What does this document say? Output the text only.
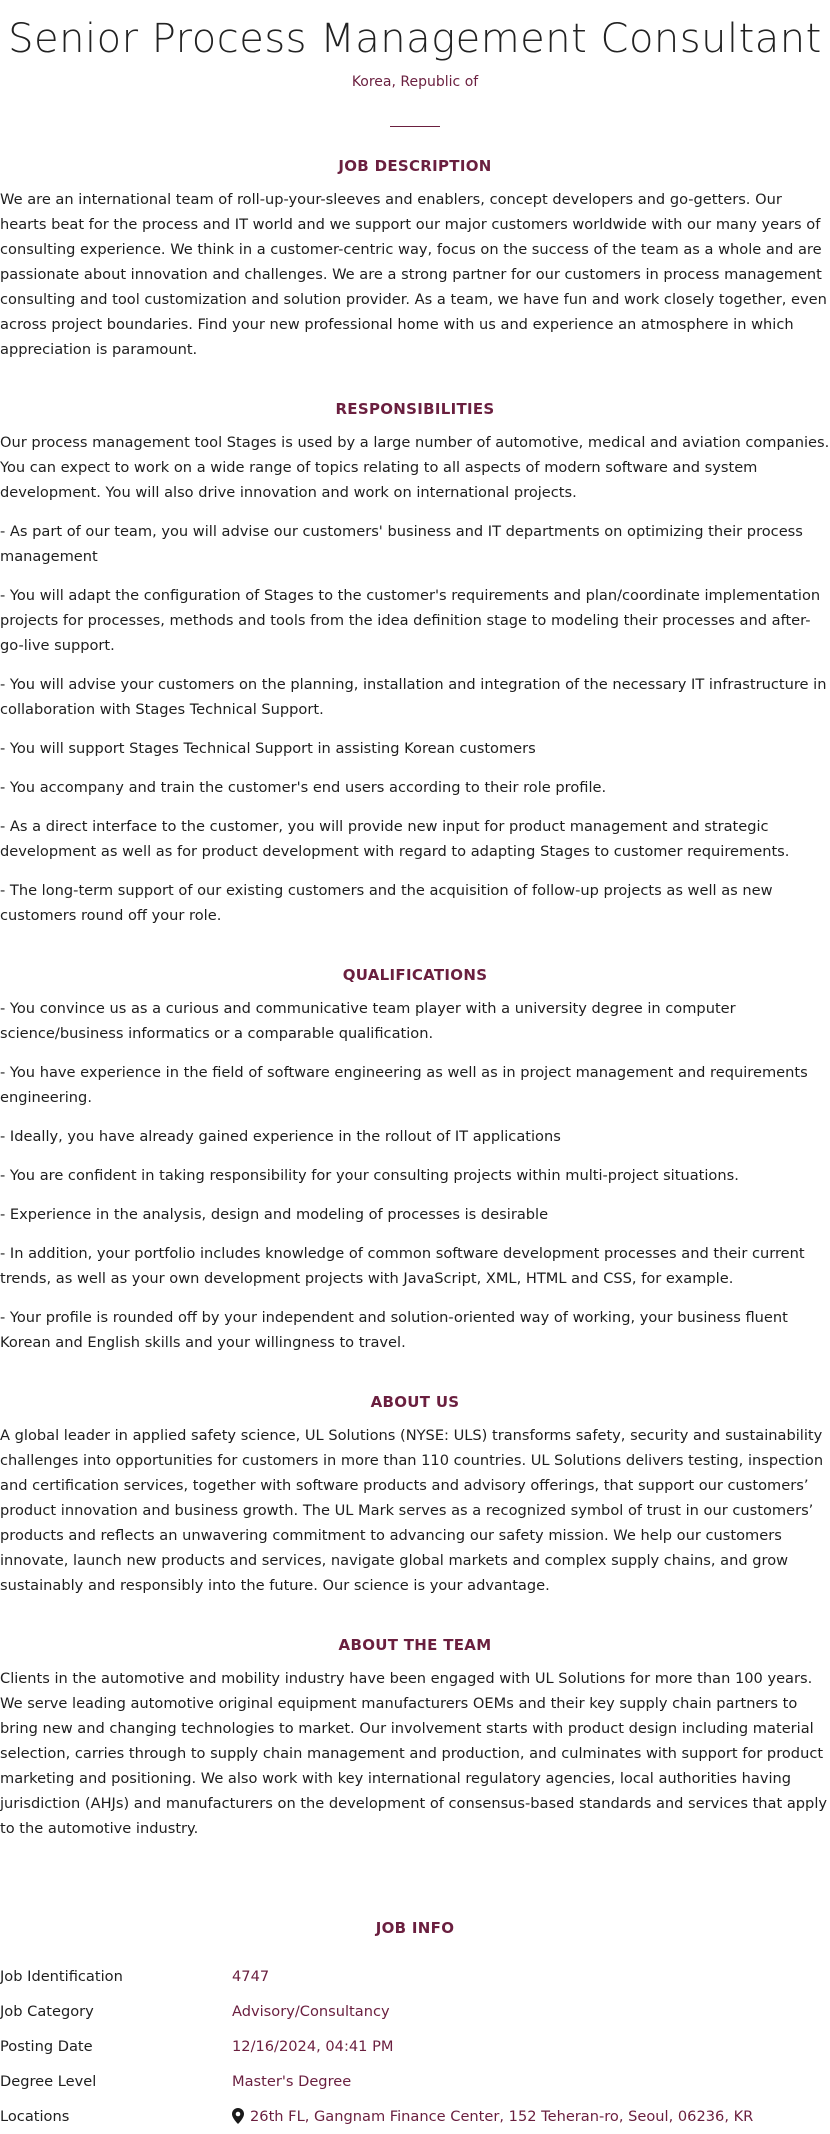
Senior Process Management Consultant
Korea, Republic of
JOB DESCRIPTION

We are an international team of roll-up-your-sleeves and enablers, concept developers and go-getters. Our hearts beat for the process and IT world and we support our major customers worldwide with our many years of consulting experience. We think in a customer-centric way, focus on the success of the team as a whole and are passionate about innovation and challenges. We are a strong partner for our customers in process management consulting and tool customization and solution provider. As a team, we have fun and work closely together, even across project boundaries. Find your new professional home with us and experience an atmosphere in which appreciation is paramount.

RESPONSIBILITIES

Our process management tool Stages is used by a large number of automotive, medical and aviation companies. You can expect to work on a wide range of topics relating to all aspects of modern software and system development. You will also drive innovation and work on international projects.

- As part of our team, you will advise our customers' business and IT departments on optimizing their process management

- You will adapt the configuration of Stages to the customer's requirements and plan/coordinate implementation projects for processes, methods and tools from the idea definition stage to modeling their processes and after-go-live support.

- You will advise your customers on the planning, installation and integration of the necessary IT infrastructure in collaboration with Stages Technical Support.

- You will support Stages Technical Support in assisting Korean customers

- You accompany and train the customer's end users according to their role profile.

- As a direct interface to the customer, you will provide new input for product management and strategic development as well as for product development with regard to adapting Stages to customer requirements.

- The long-term support of our existing customers and the acquisition of follow-up projects as well as new customers round off your role.

QUALIFICATIONS

- You convince us as a curious and communicative team player with a university degree in computer science/business informatics or a comparable qualification.

- You have experience in the field of software engineering as well as in project management and requirements engineering.

- Ideally, you have already gained experience in the rollout of IT applications

- You are confident in taking responsibility for your consulting projects within multi-project situations.

- Experience in the analysis, design and modeling of processes is desirable

- In addition, your portfolio includes knowledge of common software development processes and their current trends, as well as your own development projects with JavaScript, XML, HTML and CSS, for example.

- Your profile is rounded off by your independent and solution-oriented way of working, your business fluent Korean and English skills and your willingness to travel.

ABOUT US

A global leader in applied safety science, UL Solutions (NYSE: ULS) transforms safety, security and sustainability challenges into opportunities for customers in more than 110 countries. UL Solutions delivers testing, inspection and certification services, together with software products and advisory offerings, that support our customers’ product innovation and business growth. The UL Mark serves as a recognized symbol of trust in our customers’ products and reflects an unwavering commitment to advancing our safety mission. We help our customers innovate, launch new products and services, navigate global markets and complex supply chains, and grow sustainably and responsibly into the future. Our science is your advantage.

ABOUT THE TEAM

Clients in the automotive and mobility industry have been engaged with UL Solutions for more than 100 years. We serve leading automotive original equipment manufacturers OEMs and their key supply chain partners to bring new and changing technologies to market. Our involvement starts with product design including material selection, carries through to supply chain management and production, and culminates with support for product marketing and positioning. We also work with key international regulatory agencies, local authorities having jurisdiction (AHJs) and manufacturers on the development of consensus-based standards and services that apply to the automotive industry.

JOB INFO
Job Identification	4747
Job Category	Advisory/Consultancy
Posting Date	12/16/2024, 04:41 PM
Degree Level	Master's Degree
Locations	26th FL, Gangnam Finance Center, 152 Teheran-ro, Seoul, 06236, KR
